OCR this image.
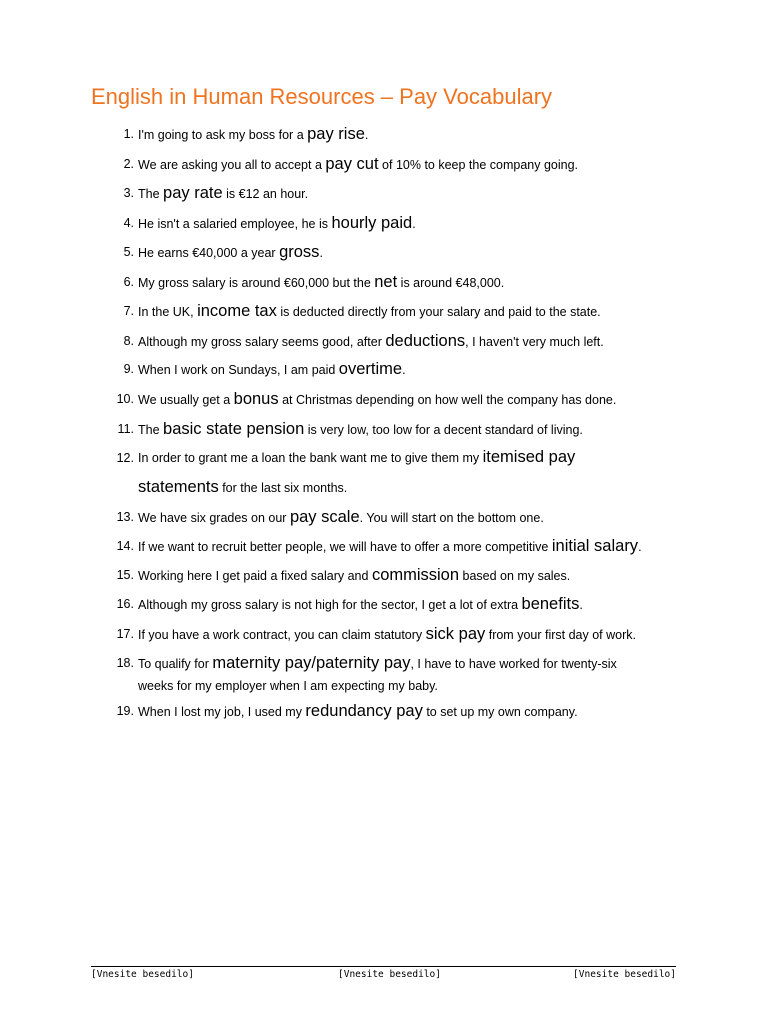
English in Human Resources – Pay Vocabulary
1. I'm going to ask my boss for a pay rise.
2. We are asking you all to accept a pay cut of 10% to keep the company going.
3. The pay rate is €12 an hour.
4. He isn't a salaried employee, he is hourly paid.
5. He earns €40,000 a year gross.
6. My gross salary is around €60,000 but the net is around €48,000.
7. In the UK, income tax is deducted directly from your salary and paid to the state.
8. Although my gross salary seems good, after deductions, I haven't very much left.
9. When I work on Sundays, I am paid overtime.
10. We usually get a bonus at Christmas depending on how well the company has done.
11. The basic state pension is very low, too low for a decent standard of living.
12. In order to grant me a loan the bank want me to give them my itemised pay
statements for the last six months.
13. We have six grades on our pay scale. You will start on the bottom one.
14. If we want to recruit better people, we will have to offer a more competitive initial salary.
15. Working here I get paid a fixed salary and commission based on my sales.
16. Although my gross salary is not high for the sector, I get a lot of extra benefits.
17. If you have a work contract, you can claim statutory sick pay from your first day of work.
18. To qualify for maternity pay/paternity pay, I have to have worked for twenty-six
weeks for my employer when I am expecting my baby.
19. When I lost my job, I used my redundancy pay to set up my own company.
[Vnesite besedilo]	[Vnesite besedilo]	[Vnesite besedilo]
